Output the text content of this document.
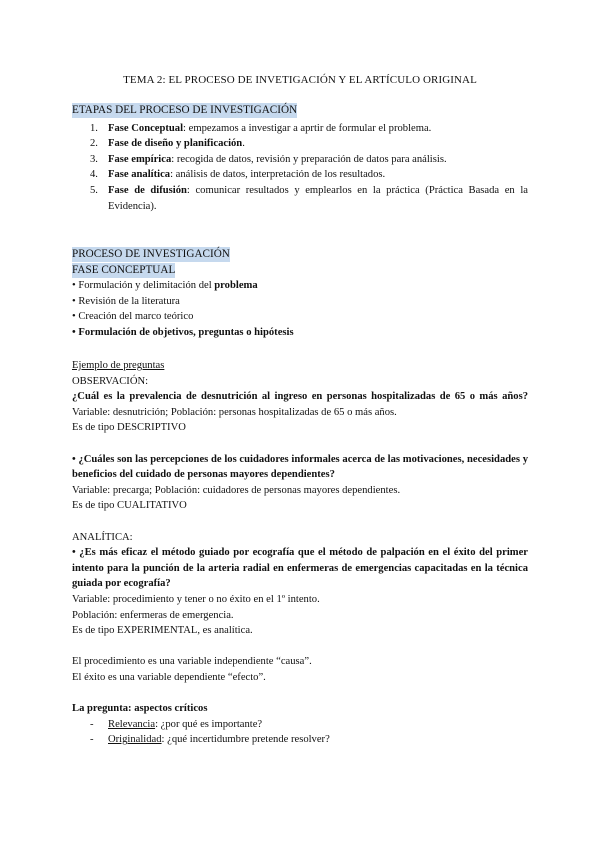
TEMA 2: EL PROCESO DE INVETIGACIÓN Y EL ARTÍCULO ORIGINAL
ETAPAS DEL PROCESO DE INVESTIGACIÓN
1. Fase Conceptual: empezamos a investigar a aprtir de formular el problema.
2. Fase de diseño y planificación.
3. Fase empírica: recogida de datos, revisión y preparación de datos para análisis.
4. Fase analítica: análisis de datos, interpretación de los resultados.
5. Fase de difusión: comunicar resultados y emplearlos en la práctica (Práctica Basada en la Evidencia).
PROCESO DE INVESTIGACIÓN
FASE CONCEPTUAL

• Formulación y delimitación del problema

• Revisión de la literatura

• Creación del marco teórico

• Formulación de objetivos, preguntas o hipótesis

Ejemplo de preguntas

OBSERVACIÓN:

¿Cuál es la prevalencia de desnutrición al ingreso en personas hospitalizadas de 65 o más años? Variable: desnutrición; Población: personas hospitalizadas de 65 o más años.

Es de tipo DESCRIPTIVO

• ¿Cuáles son las percepciones de los cuidadores informales acerca de las motivaciones, necesidades y beneficios del cuidado de personas mayores dependientes?

Variable: precarga; Población: cuidadores de personas mayores dependientes.

Es de tipo CUALITATIVO

ANALÍTICA:

• ¿Es más eficaz el método guiado por ecografía que el método de palpación en el éxito del primer intento para la punción de la arteria radial en enfermeras de emergencias capacitadas en la técnica guiada por ecografía?

Variable: procedimiento y tener o no éxito en el 1º intento.

Población: enfermeras de emergencia.

Es de tipo EXPERIMENTAL, es analítica.

El procedimiento es una variable independiente “causa”.

El éxito es una variable dependiente “efecto”.

La pregunta: aspectos críticos

- Relevancia: ¿por qué es importante?

- Originalidad: ¿qué incertidumbre pretende resolver?
